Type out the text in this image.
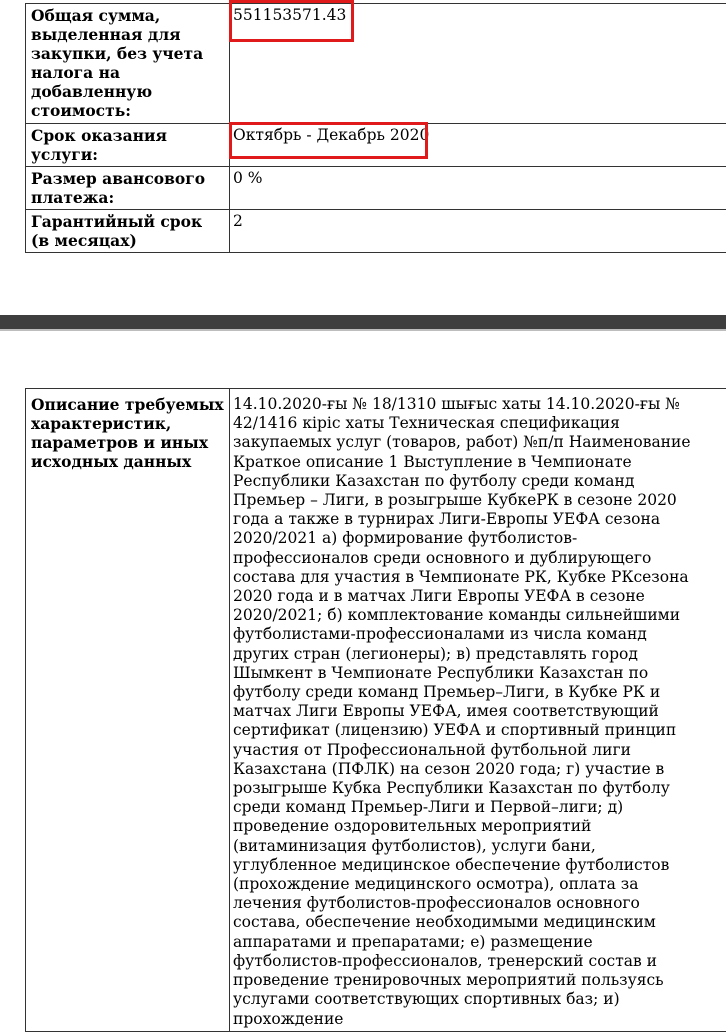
Общая сумма, выделенная для закупки, без учета налога на добавленную стоимость:	551153571.43
Срок оказания услуги:	Октябрь - Декабрь 2020
Размер авансового платежа:	0 %
Гарантийный срок (в месяцах)	2
Описание требуемых характеристик, параметров и иных исходных данных	14.10.2020-ғы № 18/1310 шығыс хаты 14.10.2020-ғы № 42/1416 кіріс хаты Техническая спецификация закупаемых услуг (товаров, работ) №п/п Наименование Краткое описание 1 Выступление в Чемпионате Республики Казахстан по футболу среди команд Премьер – Лиги, в розыгрыше КубкеРК в сезоне 2020 года а также в турнирах Лиги-Европы УЕФА сезона 2020/2021 а) формирование футболистов-профессионалов среди основного и дублирующего состава для участия в Чемпионате РК, Кубке РКсезона 2020 года и в матчах Лиги Европы УЕФА в сезоне 2020/2021; б) комплектование команды сильнейшими футболистами-профессионалами из числа команд других стран (легионеры); в) представлять город Шымкент в Чемпионате Республики Казахстан по футболу среди команд Премьер–Лиги, в Кубке РК и матчах Лиги Европы УЕФА, имея соответствующий сертификат (лицензию) УЕФА и спортивный принцип участия от Профессиональной футбольной лиги Казахстана (ПФЛК) на сезон 2020 года; г) участие в розыгрыше Кубка Республики Казахстан по футболу среди команд Премьер-Лиги и Первой–лиги; д) проведение оздоровительных мероприятий (витаминизация футболистов), услуги бани, углубленное медицинское обеспечение футболистов (прохождение медицинского осмотра), оплата за лечения футболистов-профессионалов основного состава, обеспечение необходимыми медицинским аппаратами и препаратами; е) размещение футболистов-профессионалов, тренерский состав и проведение тренировочных мероприятий пользуясь услугами соответствующих спортивных баз; и) прохождение
